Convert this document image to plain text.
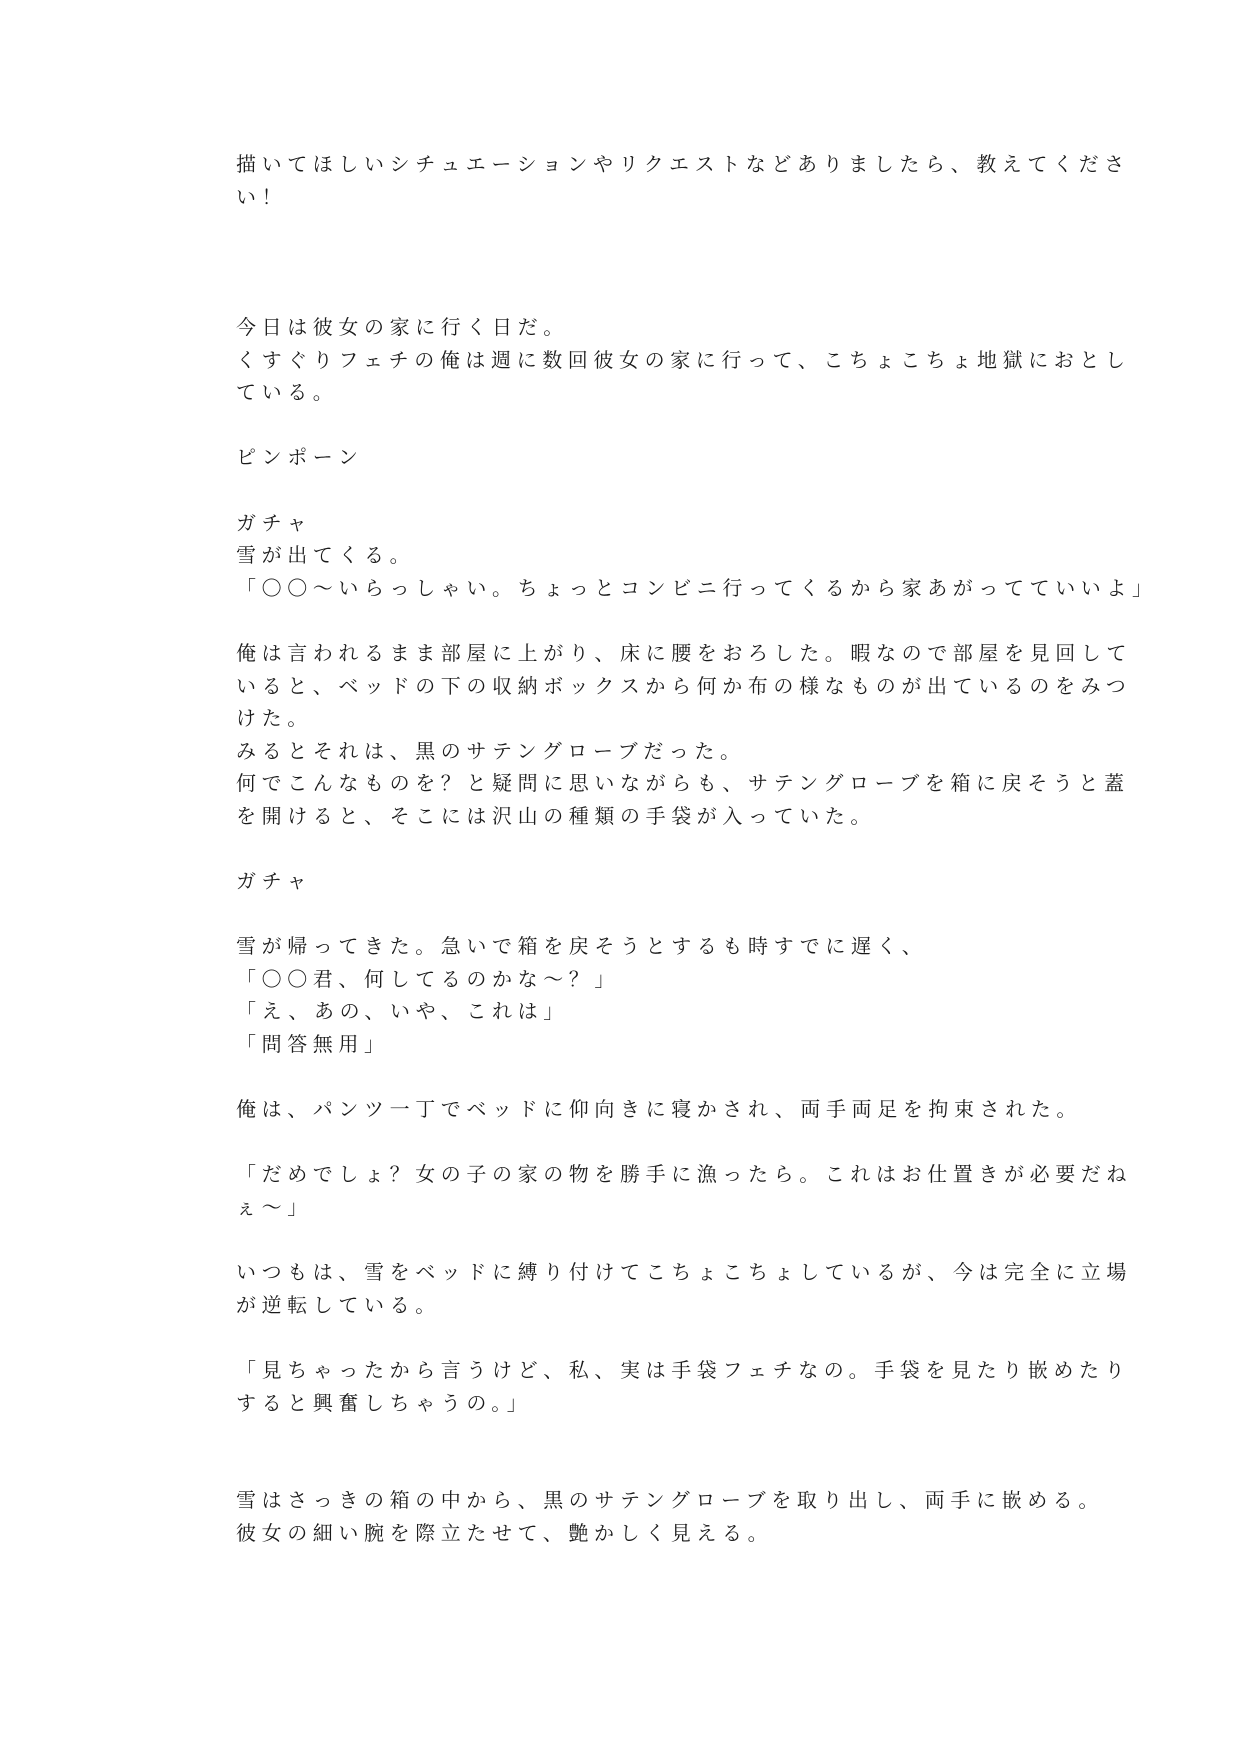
描いてほしいシチュエーションやリクエストなどありましたら、教えてくださ
い！
今日は彼女の家に行く日だ。
くすぐりフェチの俺は週に数回彼女の家に行って、こちょこちょ地獄におとし
ている。
ピンポーン
ガチャ
雪が出てくる。
「〇〇～いらっしゃい。ちょっとコンビニ行ってくるから家あがってていいよ」
俺は言われるまま部屋に上がり、床に腰をおろした。暇なので部屋を見回して
いると、ベッドの下の収納ボックスから何か布の様なものが出ているのをみつ
けた。
みるとそれは、黒のサテングローブだった。
何でこんなものを？と疑問に思いながらも、サテングローブを箱に戻そうと蓋
を開けると、そこには沢山の種類の手袋が入っていた。
ガチャ
雪が帰ってきた。急いで箱を戻そうとするも時すでに遅く、
「〇〇君、何してるのかな～？」
「え、あの、いや、これは」
「問答無用」
俺は、パンツ一丁でベッドに仰向きに寝かされ、両手両足を拘束された。
「だめでしょ？女の子の家の物を勝手に漁ったら。これはお仕置きが必要だね
ぇ～」
いつもは、雪をベッドに縛り付けてこちょこちょしているが、今は完全に立場
が逆転している。
「見ちゃったから言うけど、私、実は手袋フェチなの。手袋を見たり嵌めたり
すると興奮しちゃうの。」
雪はさっきの箱の中から、黒のサテングローブを取り出し、両手に嵌める。
彼女の細い腕を際立たせて、艶かしく見える。
